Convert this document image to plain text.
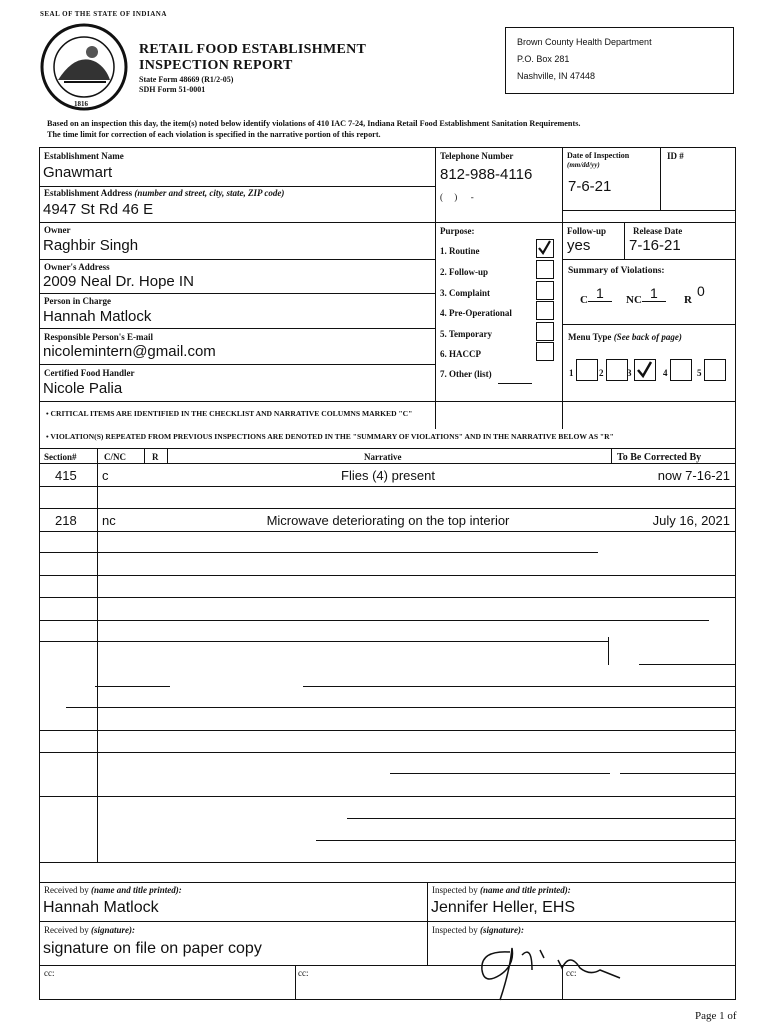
1816
SEAL OF THE STATE OF INDIANA
RETAIL FOOD ESTABLISHMENT
INSPECTION REPORT
State Form 48669 (R1/2-05)
SDH Form 51-0001
Brown County Health Department
P.O. Box 281
Nashville, IN 47448
Based on an inspection this day, the item(s) noted below identify violations of 410 IAC 7-24, Indiana Retail Food Establishment Sanitation Requirements.
The time limit for correction of each violation is specified in the narrative portion of this report.
Establishment Name
Gnawmart
Establishment Address (number and street, city, state, ZIP code)
4947 St Rd 46 E
Owner
Raghbir Singh
Owner's Address
2009 Neal Dr. Hope IN
Person in Charge
Hannah Matlock
Responsible Person's E-mail
nicolemintern@gmail.com
Certified Food Handler
Nicole Palia
Telephone Number
812-988-4116
(     )      -
Date of Inspection
(mm/dd/yy)
7-6-21
ID #
Purpose:
1. Routine
2. Follow-up
3. Complaint
4. Pre-Operational
5. Temporary
6. HACCP
7. Other (list)
Follow-up
yes
Release Date
7-16-21
Summary of Violations:
C 1	NC 1	R0
Menu Type (See back of page)
1	2	3	4	5
• CRITICAL ITEMS ARE IDENTIFIED IN THE CHECKLIST AND NARRATIVE COLUMNS MARKED "C"
• VIOLATION(S) REPEATED FROM PREVIOUS INSPECTIONS ARE DENOTED IN THE "SUMMARY OF VIOLATIONS" AND IN THE NARRATIVE BELOW AS "R"
Section#	C/NC	R	Narrative	To Be Corrected By
415 c	Flies (4) present	now 7-16-21
218 nc	Microwave deteriorating on the top interior	July 16, 2021
Received by (name and title printed):
Hannah Matlock
Inspected by (name and title printed):
Jennifer Heller, EHS
Received by (signature):
signature on file on paper copy
Inspected by (signature):
cc:	cc:	cc:
Page 1 of
